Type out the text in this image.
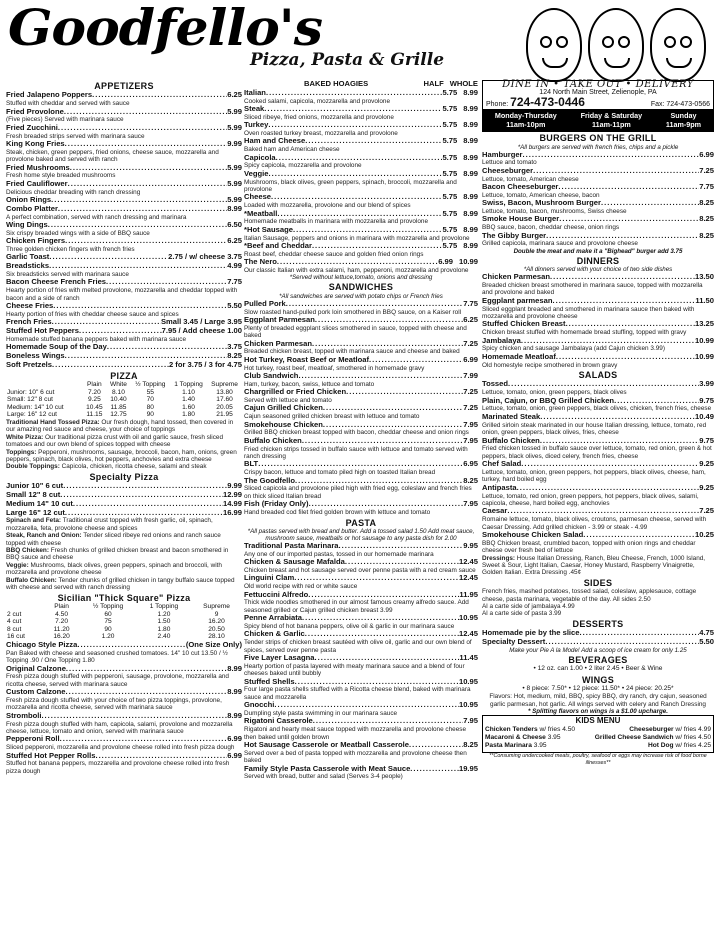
Goodfello's
Pizza, Pasta & Grille
APPETIZERS
Fried Jalapeno Poppers .....	6.25
Stuffed with cheddar and served with sauce
Fried Provolone .....	5.99
(Five pieces) Served with marinara sauce
Fried Zucchini .....	5.99
Fresh breaded strips served with marinara sauce
King Kong Fries .....	9.99
Steak, chicken, green peppers, fried onions, cheese sauce, mozzarella and provolone baked and served with ranch
Fried Mushrooms .....	5.99
Fresh home style breaded mushrooms
Fried Cauliflower .....	5.99
Delicious cheddar breading with ranch dressing
Onion Rings .....	5.99
Combo Platter .....	8.99
A perfect combination, served with ranch dressing and marinara
Wing Dings .....	6.50
Six crispy breaded wings with a side of BBQ sauce
Chicken Fingers .....	6.25
Three golden chicken fingers with french fries
Garlic Toast .....	2.75 / w/ cheese 3.75
Breadsticks .....	4.99
Six breadsticks served with marinara sauce
Bacon Cheese French Fries .....	7.75
Hearty portion of fries with melted provolone, mozzarella and cheddar topped with bacon and a side of ranch
Cheese Fries .....	5.50
Hearty portion of fries with cheddar cheese sauce and spices
French Fries .....	Small 3.45 / Large 3.95
Stuffed Hot Peppers .....	7.95 / Add cheese 1.00
Homemade stuffed banana peppers baked with marinara sauce
Homemade Soup of the Day .....	3.75
Boneless Wings .....	8.25
Soft Pretzels .....	2 for 3.75 / 3 for 4.75
PIZZA
	Plain	White	½ Topping	1 Topping	Supreme
Junior: 10" 6 cut	7.20	8.10	55	1.10	13.80
Small: 12" 8 cut	9.25	10.40	70	1.40	17.60
Medium: 14" 10 cut	10.45	11.85	80	1.60	20.05
Large: 16" 12 cut	11.15	12.75	90	1.80	21.95
Traditional Hand Tossed Pizza: Our fresh dough, hand tossed, then covered in our amazing red sauce and cheese, your choice of toppings
White Pizza: Our traditional pizza crust with oil and garlic sauce, fresh sliced tomatoes and our own blend of spices topped with cheese
Toppings: Pepperoni, mushrooms, sausage, broccoli, bacon, ham, onions, green peppers, spinach, black olives, hot peppers, anchovies and extra cheese
Double Toppings: Capicola, chicken, ricotta cheese, salami and steak
Specialty Pizza
Junior 10" 6 cut .....	9.99
Small 12" 8 cut .....	12.99
Medium 14" 10 cut .....	14.99
Large 16" 12 cut .....	16.99
Spinach and Feta: Traditional crust topped with fresh garlic, oil, spinach, mozzarella, feta, provolone cheese and spices
Steak, Ranch and Onion: Tender sliced ribeye red onions and ranch sauce topped with cheese
BBQ Chicken: Fresh chunks of grilled chicken breast and bacon smothered in BBQ sauce and cheese
Veggie: Mushrooms, black olives, green peppers, spinach and broccoli, with mozzarella and provolone cheese
Buffalo Chicken: Tender chunks of grilled chicken in tangy buffalo sauce topped with cheese and served with ranch dressing
Sicilian "Thick Square" Pizza
	Plain	½ Topping	1 Topping	Supreme
2 cut	4.50	60	1.20	9
4 cut	7.20	75	1.50	16.20
8 cut	11.20	90	1.80	20.50
16 cut	16.20	1.20	2.40	28.10
Chicago Style Pizza .....	(One Size Only)
Pan Baked with cheese and seasoned crushed tomatoes. 14" 10 cut 13.50 / ½ Topping .90 / One Topping 1.80
Original Calzone .....	8.99
Fresh pizza dough stuffed with pepperoni, sausage, provolone, mozzarella and ricotta cheese, served with marinara sauce
Custom Calzone .....	8.99
Fresh pizza dough stuffed with your choice of two pizza toppings, provolone, mozzarella and ricotta cheese, served with marinara sauce
Stromboli .....	8.99
Fresh pizza dough stuffed with ham, capicola, salami, provolone and mozzarella cheese, lettuce, tomato and onion, served with marinara sauce
Pepperoni Roll .....	6.99
Sliced pepperoni, mozzarella and provolone cheese rolled into fresh pizza dough
Stuffed Hot Pepper Rolls .....	6.99
Stuffed hot banana peppers, mozzarella and provolone cheese rolled into fresh pizza dough
BAKED HOAGIES	HALF WHOLE
Italian .....	5.75 8.99
Cooked salami, capicola, mozzarella and provolone
Steak .....	5.75 8.99
Sliced ribeye, fried onions, mozzarella and provolone
Turkey .....	5.75 8.99
Oven roasted turkey breast, mozzarella and provolone
Ham and Cheese .....	5.75 8.99
Baked ham and American cheese
Capicola .....	5.75 8.99
Spicy capicola, mozzarella and provolone
Veggie .....	5.75 8.99
Mushrooms, black olives, green peppers, spinach, broccoli, mozzarella and provolone
Cheese .....	5.75 8.99
Loaded with mozzarella, provolone and our blend of spices
*Meatball .....	5.75 8.99
Homemade meatballs in marinara with mozzarella and provolone
*Hot Sausage .....	5.75 8.99
Italian Sausage, peppers and onions in marinara with mozzarella and provolone
*Beef and Cheddar .....	5.75 8.99
Roast beef, cheddar cheese sauce and golden fried onion rings
The Nero .....	6.99 10.99
Our classic Italian with extra salami, ham, pepperoni, mozzarella and provolone
*Served without lettuce,tomato, onions and dressing
SANDWICHES
*All sandwiches are served with potato chips or French fries
Pulled Pork .....	7.75
Slow roasted hand-pulled pork loin smothered in BBQ sauce, on a Kaiser roll
Eggplant Parmesan .....	6.25
Plenty of breaded eggplant slices smothered in sauce, topped with cheese and baked
Chicken Parmesan .....	7.25
Breaded chicken breast, topped with marinara sauce and cheese and baked
Hot Turkey, Roast Beef or Meatloaf .....	6.99
Hot turkey, roast beef, meatloaf, smothered in homemade gravy
Club Sandwich .....	7.99
Ham, turkey, bacon, swiss, lettuce and tomato
Chargrilled or Fried Chicken .....	7.25
Served with lettuce and tomato
Cajun Grilled Chicken .....	7.25
Cajun seasoned grilled chicken breast with lettuce and tomato
Smokehouse Chicken .....	7.95
Grilled BBQ chicken breast topped with bacon, cheddar cheese and onion rings
Buffalo Chicken .....	7.95
Fried chicken strips tossed in buffalo sauce with lettuce and tomato served with ranch dressing
BLT .....	6.95
Crispy bacon, lettuce and tomato piled high on toasted Italian bread
The Goodfello .....	8.25
Sliced capicola and provolone piled high with fried egg, coleslaw and french fries on thick sliced Italian bread
Fish (Friday Only) .....	7.95
Hand breaded cod filet fried golden brown with lettuce and tomato
PASTA
*All pastas served with bread and butter. Add a tossed salad 1.50 Add meat sauce, mushroom sauce, meatballs or hot sausage to any pasta dish for 2.00
Traditional Pasta Marinara .....	9.95
Any one of our imported pastas, tossed in our homemade marinara
Chicken & Sausage Mafalda .....	12.45
Chicken breast and hot sausage served over penne pasta with a red cream sauce
Linguini Clam .....	12.45
Old world recipe with red or white sauce
Fettuccini Alfredo .....	11.95
Thick wide noodles smothered in our almost famous creamy alfredo sauce. Add seasoned grilled or Cajun grilled chicken breast 3.99
Penne Arrabiata .....	10.95
Spicy blend of hot banana peppers, olive oil & garlic in our marinara sauce
Chicken & Garlic .....	12.45
Tender strips of chicken breast sautéed with olive oil, garlic and our own blend of spices, served over penne pasta
Five Layer Lasagna .....	11.45
Hearty portion of pasta layered with meaty marinara sauce and a blend of four cheeses baked until bubbly
Stuffed Shells .....	10.95
Four large pasta shells stuffed with a Ricotta cheese blend, baked with marinara sauce and mozzarella
Gnocchi .....	10.95
Dumpling style pasta swimming in our marinara sauce
Rigatoni Casserole .....	7.95
Rigatoni and hearty meat sauce topped with mozzarella and provolone cheese then baked until golden brown
Hot Sausage Casserole or Meatball Casserole .....	8.25
Served over a bed of pasta topped with mozzarella and provolone cheese then baked
Family Style Pasta Casserole with Meat Sauce .....	19.95
Served with bread, butter and salad (Serves 3-4 people)
DINE IN • TAKE OUT • DELIVERY
124 North Main Street, Zelienople, PA
Phone: 724-473-0446	Fax: 724-473-0566
Monday-Thursday
11am-10pm
Friday & Saturday
11am-11pm
Sunday
11am-9pm
BURGERS ON THE GRILL
*All burgers are served with french fries, chips and a pickle
Hamburger .....	6.99
Lettuce and tomato
Cheeseburger .....	7.25
Lettuce, tomato, American cheese
Bacon Cheeseburger .....	7.75
Lettuce, tomato, American cheese, bacon
Swiss, Bacon, Mushroom Burger .....	8.25
Lettuce, tomato, bacon, mushrooms, Swiss cheese
Smoke House Burger .....	8.25
BBQ sauce, bacon, cheddar cheese, onion rings
The Gibby Burger .....	8.25
Grilled capicola, marinara sauce and provolone cheese
Double the meat and make it a "Bighead" burger add 3.75
DINNERS
*All dinners served with your choice of two side dishes
Chicken Parmesan .....	13.50
Breaded chicken breast smothered in marinara sauce, topped with mozzarella and provolone and baked
Eggplant parmesan .....	11.50
Sliced eggplant breaded and smothered in marinara sauce then baked with mozzarella and provolone cheese
Stuffed Chicken Breast .....	13.25
Chicken breast stuffed with homemade bread stuffing, topped with gravy
Jambalaya .....	10.99
Spicy chicken and sausage Jambalaya (add Cajun chicken 3.99)
Homemade Meatloaf .....	10.99
Old homestyle recipe smothered in brown gravy
SALADS
Tossed .....	3.99
Lettuce, tomato, onion, green peppers, black olives
Plain, Cajun, or BBQ Grilled Chicken .....	9.75
Lettuce, tomato, onion, green peppers, black olives, chicken, french fries, cheese
Marinated Steak .....	10.49
Grilled sirloin steak marinated in our house Italian dressing, lettuce, tomato, red onion, green peppers, black olives, fries, cheese
Buffalo Chicken .....	9.75
Fried chicken tossed in buffalo sauce over lettuce, tomato, red onion, green & hot peppers, black olives, diced celery, french fries, cheese
Chef Salad .....	9.25
Lettuce, tomato, onion, green peppers, hot peppers, black olives, cheese, ham, turkey, hard boiled egg
Antipasta .....	9.25
Lettuce, tomato, red onion, green peppers, hot peppers, black olives, salami, capicola, cheese, hard boiled egg, anchovies
Caesar .....	7.25
Romaine lettuce, tomato, black olives, croutons, parmesan cheese, served with Caesar Dressing. Add grilled chicken - 3.99 or steak - 4.99
Smokehouse Chicken Salad .....	10.25
BBQ Chicken breast, crumbled bacon, topped with onion rings and cheddar cheese over fresh bed of lettuce
Dressings: House Italian Dressing, Ranch, Bleu Cheese, French, 1000 Island, Sweet & Sour, Light Italian, Caesar, Honey Mustard, Raspberry Vinaigrette, Golden Italian. Extra Dressing .45¢
SIDES
French fries, mashed potatoes, tossed salad, coleslaw, applesauce, cottage cheese, pasta marinara, vegetable of the day. All sides 2.50
Al a carte side of jambalaya 4.99
Al a carte side of pasta 3.99
DESSERTS
Homemade pie by the slice .....	4.75
Specialty Dessert .....	5.50
Make your Pie A la Mode! Add a scoop of ice cream for only 1.25
BEVERAGES
• 12 oz. can 1.00 • 2 liter 2.45 • Beer & Wine
WINGS
• 8 piece: 7.50* • 12 piece: 11.50* • 24 piece: 20.25*
Flavors: Hot, medium, mild, BBQ, spicy BBQ, dry ranch, dry cajun, seasoned garlic parmesan, hot garlic. All wings served with celery and Ranch Dressing
* Splitting flavors on wings is a $1.00 upcharge.
KIDS MENU
Chicken Tenders w/ fries 4.50	Cheeseburger w/ fries 4.99
Macaroni & Cheese 3.95	Grilled Cheese Sandwich w/ fries 4.50
Pasta Marinara 3.95	Hot Dog w/ fries 4.25
**Consuming undercooked meats, poultry, seafood or eggs may increase risk of food borne illnesses**
